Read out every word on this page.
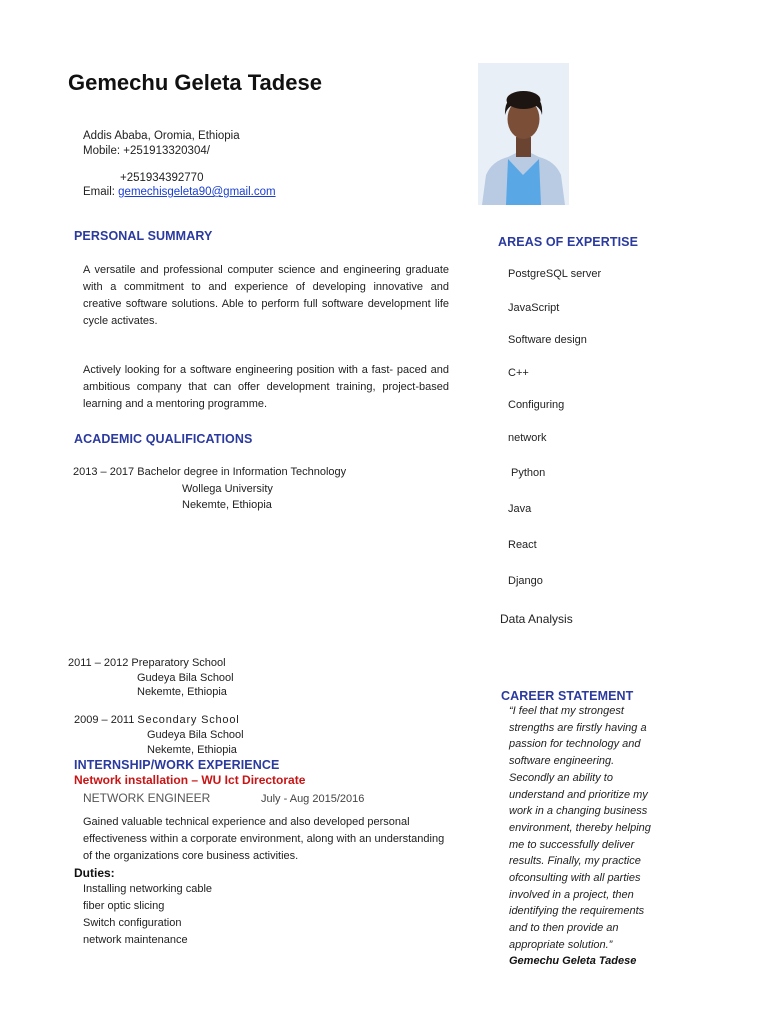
Gemechu Geleta Tadese
Addis Ababa, Oromia, Ethiopia
Mobile: +251913320304/
+251934392770
Email: gemechisgeleta90@gmail.com
PERSONAL SUMMARY
A versatile and professional computer science and engineering graduate with a commitment to and experience of developing innovative and creative software solutions. Able to perform full software development life cycle activates.
Actively looking for a software engineering position with a fast- paced and ambitious company that can offer development training, project-based learning and a mentoring programme.
ACADEMIC QUALIFICATIONS
2013 – 2017 Bachelor degree in Information Technology
Wollega University
Nekemte, Ethiopia
2011 – 2012 Preparatory School
Gudeya Bila School
Nekemte, Ethiopia
2009 – 2011 Secondary School
Gudeya Bila School
Nekemte, Ethiopia
INTERNSHIP/WORK EXPERIENCE
Network installation – WU Ict Directorate
NETWORK ENGINEER	July - Aug 2015/2016
Gained valuable technical experience and also developed personal effectiveness within a corporate environment, along with an understanding of the organizations core business activities.
Duties:
Installing networking cable
fiber optic slicing
Switch configuration
network maintenance
AREAS OF EXPERTISE
PostgreSQL server
JavaScript
Software design
C++
Configuring
network
Python
Java
React
Django
Data Analysis
CAREER STATEMENT
“I feel that my strongest strengths are firstly having a passion for technology and software engineering. Secondly an ability to understand and prioritize my work in a changing business environment, thereby helping me to successfully deliver results. Finally, my practice ofconsulting with all parties involved in a project, then identifying the requirements and to then provide an appropriate solution.”
Gemechu Geleta Tadese
